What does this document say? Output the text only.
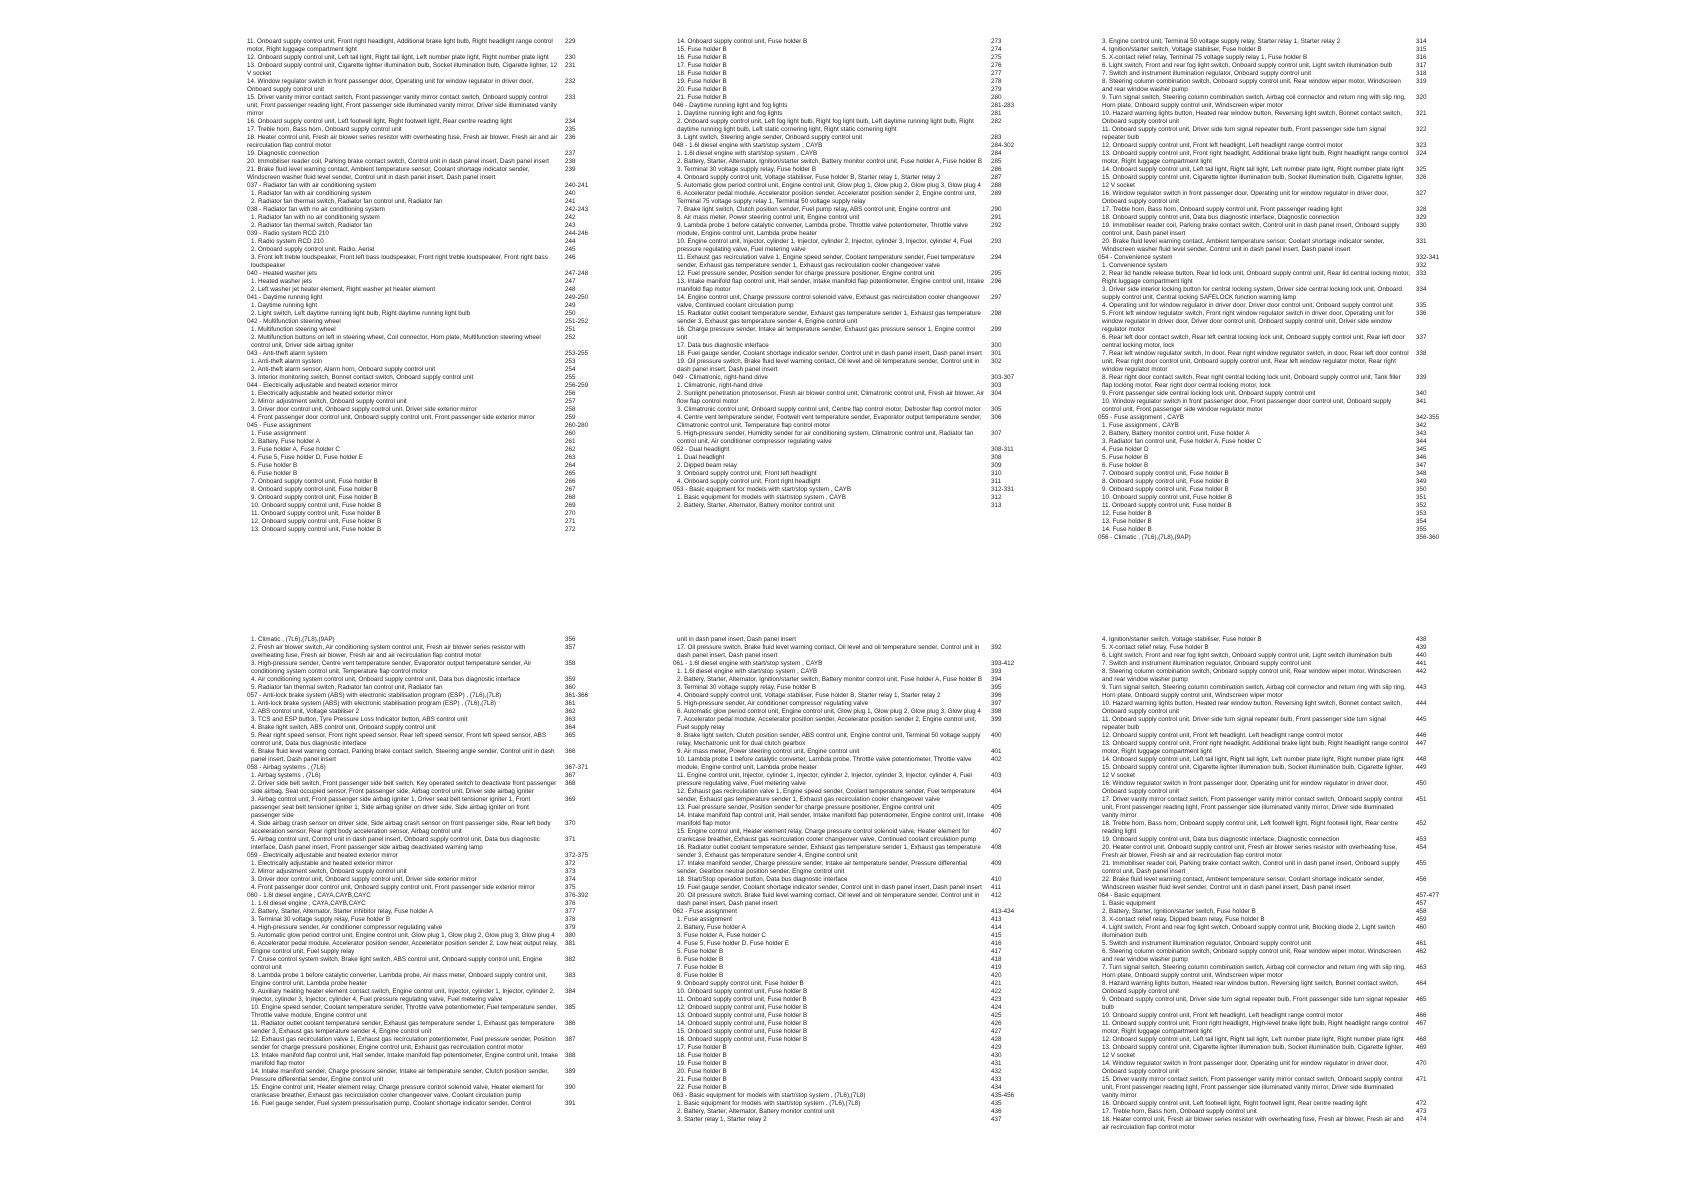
11. Onboard supply control unit, Front right headlight, Additional brake light bulb, Right headlight range control motor, Right luggage compartment light
229
12. Onboard supply control unit, Left tail light, Right tail light, Left number plate light, Right number plate light	230
13. Onboard supply control unit, Cigarette lighter illumination bulb, Socket illumination bulb, Cigarette lighter, 12 V socket
231
14. Window regulator switch in front passenger door, Operating unit for window regulator in driver door, Onboard supply control unit
232
15. Driver vanity mirror contact switch, Front passenger vanity mirror contact switch, Onboard supply control unit, Front passenger reading light, Front passenger side illuminated vanity mirror, Driver side illuminated vanity mirror
233
16. Onboard supply control unit, Left footwell light, Right footwell light, Rear centre reading light	234
17. Treble horn, Bass horn, Onboard supply control unit	235
18. Heater control unit, Fresh air blower series resistor with overheating fuse, Fresh air blower, Fresh air and air recirculation flap control motor
236
19. Diagnostic connection	237
20. Immobiliser reader coil, Parking brake contact switch, Control unit in dash panel insert, Dash panel insert	238
21. Brake fluid level warning contact, Ambient temperature sensor, Coolant shortage indicator sender, Windscreen washer fluid level sender, Control unit in dash panel insert, Dash panel insert
239
037 - Radiator fan with air conditioning system	240-241
1. Radiator fan with air conditioning system	240
2. Radiator fan thermal switch, Radiator fan control unit, Radiator fan	241
038 - Radiator fan with no air conditioning system	242-243
1. Radiator fan with no air conditioning system	242
2. Radiator fan thermal switch, Radiator fan	243
039 - Radio system RCD 210	244-246
1. Radio system RCD 210	244
2. Onboard supply control unit, Radio, Aerial	245
3. Front left treble loudspeaker, Front left bass loudspeaker, Front right treble loudspeaker, Front right bass loudspeaker
246
040 - Heated washer jets	247-248
1. Heated washer jets	247
2. Left washer jet heater element, Right washer jet heater element	248
041 - Daytime running light	249-250
1. Daytime running light	249
2. Light switch, Left daytime running light bulb, Right daytime running light bulb	250
042 - Multifunction steering wheel	251-252
1. Multifunction steering wheel	251
2. Multifunction buttons on left in steering wheel, Coil connector, Horn plate, Multifunction steering wheel control unit, Driver side airbag igniter
252
043 - Anti-theft alarm system	253-255
1. Anti-theft alarm system	253
2. Anti-theft alarm sensor, Alarm horn, Onboard supply control unit	254
3. Interior monitoring switch, Bonnet contact switch, Onboard supply control unit	255
044 - Electrically adjustable and heated exterior mirror	256-259
1. Electrically adjustable and heated exterior mirror	256
2. Mirror adjustment switch, Onboard supply control unit	257
3. Driver door control unit, Onboard supply control unit, Driver side exterior mirror	258
4. Front passenger door control unit, Onboard supply control unit, Front passenger side exterior mirror	259
045 - Fuse assignment	260-280
1. Fuse assignment	260
2. Battery, Fuse holder A	261
3. Fuse holder A, Fuse holder C	262
4. Fuse 5, Fuse holder D, Fuse holder E	263
5. Fuse holder B	264
6. Fuse holder B	265
7. Onboard supply control unit, Fuse holder B	266
8. Onboard supply control unit, Fuse holder B	267
9. Onboard supply control unit, Fuse holder B	268
10. Onboard supply control unit, Fuse holder B	269
11. Onboard supply control unit, Fuse holder B	270
12. Onboard supply control unit, Fuse holder B	271
13. Onboard supply control unit, Fuse holder B	272
14. Onboard supply control unit, Fuse holder B	273
15. Fuse holder B	274
16. Fuse holder B	275
17. Fuse holder B	276
18. Fuse holder B	277
19. Fuse holder B	278
20. Fuse holder B	279
21. Fuse holder B	280
046 - Daytime running light and fog lights	281-283
1. Daytime running light and fog lights	281
2. Onboard supply control unit, Left fog light bulb, Right fog light bulb, Left daytime running light bulb, Right daytime running light bulb, Left static cornering light, Right static cornering light
282
3. Light switch, Steering angle sender, Onboard supply control unit	283
048 - 1.6l diesel engine with start/stop system , CAYB	284-302
1. 1.6l diesel engine with start/stop system , CAYB	284
2. Battery, Starter, Alternator, Ignition/starter switch, Battery monitor control unit, Fuse holder A, Fuse holder B	285
3. Terminal 30 voltage supply relay, Fuse holder B	286
4. Onboard supply control unit, Voltage stabiliser, Fuse holder B, Starter relay 1, Starter relay 2	287
5. Automatic glow period control unit, Engine control unit, Glow plug 1, Glow plug 2, Glow plug 3, Glow plug 4	288
6. Accelerator pedal module, Accelerator position sender, Accelerator position sender 2, Engine control unit, Terminal 75 voltage supply relay 1, Terminal 50 voltage supply relay
289
7. Brake light switch, Clutch position sender, Fuel pump relay, ABS control unit, Engine control unit	290
8. Air mass meter, Power steering control unit, Engine control unit	291
9. Lambda probe 1 before catalytic converter, Lambda probe, Throttle valve potentiometer, Throttle valve module, Engine control unit, Lambda probe heater
292
10. Engine control unit, Injector, cylinder 1, Injector, cylinder 2, Injector, cylinder 3, Injector, cylinder 4, Fuel pressure regulating valve, Fuel metering valve
293
11. Exhaust gas recirculation valve 1, Engine speed sender, Coolant temperature sender, Fuel temperature sender, Exhaust gas temperature sender 1, Exhaust gas recirculation cooler changeover valve
294
12. Fuel pressure sender, Position sender for charge pressure positioner, Engine control unit	295
13. Intake manifold flap control unit, Hall sender, Intake manifold flap potentiometer, Engine control unit, Intake manifold flap motor
296
14. Engine control unit, Charge pressure control solenoid valve, Exhaust gas recirculation cooler changeover valve, Continued coolant circulation pump
297
15. Radiator outlet coolant temperature sender, Exhaust gas temperature sender 1, Exhaust gas temperature sender 3, Exhaust gas temperature sender 4, Engine control unit
298
16. Charge pressure sender, Intake air temperature sender, Exhaust gas pressure sensor 1, Engine control unit
299
17. Data bus diagnostic interface	300
18. Fuel gauge sender, Coolant shortage indicator sender, Control unit in dash panel insert, Dash panel insert	301
19. Oil pressure switch, Brake fluid level warning contact, Oil level and oil temperature sender, Control unit in dash panel insert, Dash panel insert
302
049 - Climatronic, right-hand drive	303-307
1. Climatronic, right-hand drive	303
2. Sunlight penetration photosensor, Fresh air blower control unit, Climatronic control unit, Fresh air blower, Air flow flap control motor
304
3. Climatronic control unit, Onboard supply control unit, Centre flap control motor, Defroster flap control motor	305
4. Centre vent temperature sender, Footwell vent temperature sender, Evaporator output temperature sender, Climatronic control unit, Temperature flap control motor
306
5. High-pressure sender, Humidity sender for air conditioning system, Climatronic control unit, Radiator fan control unit, Air conditioner compressor regulating valve
307
052 - Dual headlight	308-311
1. Dual headlight	308
2. Dipped beam relay	309
3. Onboard supply control unit, Front left headlight	310
4. Onboard supply control unit, Front right headlight	311
053 - Basic equipment for models with start/stop system , CAYB	312-331
1. Basic equipment for models with start/stop system , CAYB	312
2. Battery, Starter, Alternator, Battery monitor control unit	313
3. Engine control unit, Terminal 50 voltage supply relay, Starter relay 1, Starter relay 2	314
4. Ignition/starter switch, Voltage stabiliser, Fuse holder B	315
5. X-contact relief relay, Terminal 75 voltage supply relay 1, Fuse holder B	316
6. Light switch, Front and rear fog light switch, Onboard supply control unit, Light switch illumination bulb	317
7. Switch and instrument illumination regulator, Onboard supply control unit	318
8. Steering column combination switch, Onboard supply control unit, Rear window wiper motor, Windscreen and rear window washer pump
319
9. Turn signal switch, Steering column combination switch, Airbag coil connector and return ring with slip ring, Horn plate, Onboard supply control unit, Windscreen wiper motor
320
10. Hazard warning lights button, Heated rear window button, Reversing light switch, Bonnet contact switch, Onboard supply control unit
321
11. Onboard supply control unit, Driver side turn signal repeater bulb, Front passenger side turn signal repeater bulb
322
12. Onboard supply control unit, Front left headlight, Left headlight range control motor	323
13. Onboard supply control unit, Front right headlight, Additional brake light bulb, Right headlight range control motor, Right luggage compartment light
324
14. Onboard supply control unit, Left tail light, Right tail light, Left number plate light, Right number plate light	325
15. Onboard supply control unit, Cigarette lighter illumination bulb, Socket illumination bulb, Cigarette lighter, 12 V socket
326
16. Window regulator switch in front passenger door, Operating unit for window regulator in driver door, Onboard supply control unit
327
17. Treble horn, Bass horn, Onboard supply control unit, Front passenger reading light	328
18. Onboard supply control unit, Data bus diagnostic interface, Diagnostic connection	329
19. Immobiliser reader coil, Parking brake contact switch, Control unit in dash panel insert, Onboard supply control unit, Dash panel insert
330
20. Brake fluid level warning contact, Ambient temperature sensor, Coolant shortage indicator sender, Windscreen washer fluid level sender, Control unit in dash panel insert, Dash panel insert
331
054 - Convenience system	332-341
1. Convenience system	332
2. Rear lid handle release button, Rear lid lock unit, Onboard supply control unit, Rear lid central locking motor, Right luggage compartment light
333
3. Driver side interior locking button for central locking system, Driver side central locking lock unit, Onboard supply control unit, Central locking SAFELOCK function warning lamp
334
4. Operating unit for window regulator in driver door, Driver door control unit, Onboard supply control unit	335
5. Front left window regulator switch, Front right window regulator switch in driver door, Operating unit for window regulator in driver door, Driver door control unit, Onboard supply control unit, Driver side window regulator motor
336
6. Rear left door contact switch, Rear left central locking lock unit, Onboard supply control unit, Rear left door central locking motor, lock
337
7. Rear left window regulator switch, In door, Rear right window regulator switch, in door, Rear left door control unit, Rear right door control unit, Onboard supply control unit, Rear left window regulator motor, Rear right window regulator motor
338
8. Rear right door contact switch, Rear right central locking lock unit, Onboard supply control unit, Tank filler flap locking motor, Rear right door central locking motor, lock
339
9. Front passenger side central locking lock unit, Onboard supply control unit	340
10. Window regulator switch in front passenger door, Front passenger door control unit, Onboard supply control unit, Front passenger side window regulator motor
341
055 - Fuse assignment , CAYB	342-355
1. Fuse assignment , CAYB	342
2. Battery, Battery monitor control unit, Fuse holder A	343
3. Radiator fan control unit, Fuse holder A, Fuse holder C	344
4. Fuse holder D	345
5. Fuse holder B	346
6. Fuse holder B	347
7. Onboard supply control unit, Fuse holder B	348
8. Onboard supply control unit, Fuse holder B	349
9. Onboard supply control unit, Fuse holder B	350
10. Onboard supply control unit, Fuse holder B	351
11. Onboard supply control unit, Fuse holder B	352
12. Fuse holder B	353
13. Fuse holder B	354
14. Fuse holder B	355
056 - Climatic , (7L6),(7L8),(9AP)	356-360
1. Climatic , (7L6),(7L8),(9AP)	356
2. Fresh air blower switch, Air conditioning system control unit, Fresh air blower series resistor with overheating fuse, Fresh air blower, Fresh air and air recirculation flap control motor
357
3. High-pressure sender, Centre vent temperature sender, Evaporator output temperature sender, Air conditioning system control unit, Temperature flap control motor
358
4. Air conditioning system control unit, Onboard supply control unit, Data bus diagnostic interface	359
5. Radiator fan thermal switch, Radiator fan control unit, Radiator fan	360
057 - Anti-lock brake system (ABS) with electronic stabilisation program (ESP) , (7L6),(7L8)	361-366
1. Anti-lock brake system (ABS) with electronic stabilisation program (ESP) , (7L6),(7L8)	361
2. ABS control unit, Voltage stabiliser 2	362
3. TCS and ESP button, Tyre Pressure Loss Indicator button, ABS control unit	363
4. Brake light switch, ABS control unit, Onboard supply control unit	364
5. Rear right speed sensor, Front right speed sensor, Rear left speed sensor, Front left speed sensor, ABS control unit, Data bus diagnostic interface
365
6. Brake fluid level warning contact, Parking brake contact switch, Steering angle sender, Control unit in dash panel insert, Dash panel insert
366
058 - Airbag systems , (7L6)	367-371
1. Airbag systems , (7L6)	367
2. Driver side belt switch, Front passenger side belt switch, Key operated switch to deactivate front passenger side airbag, Seat occupied sensor, Front passenger side, Airbag control unit, Driver side airbag igniter
368
3. Airbag control unit, Front passenger side airbag igniter 1, Driver seat belt tensioner igniter 1, Front passenger seat belt tensioner igniter 1, Side airbag igniter on driver side, Side airbag igniter on front passenger side
369
4. Side airbag crash sensor on driver side, Side airbag crash sensor on front passenger side, Rear left body acceleration sensor, Rear right body acceleration sensor, Airbag control unit
370
5. Airbag control unit, Control unit in dash panel insert, Onboard supply control unit, Data bus diagnostic interface, Dash panel insert, Front passenger side airbag deactivated warning lamp
371
059 - Electrically adjustable and heated exterior mirror	372-375
1. Electrically adjustable and heated exterior mirror	372
2. Mirror adjustment switch, Onboard supply control unit	373
3. Driver door control unit, Onboard supply control unit, Driver side exterior mirror	374
4. Front passenger door control unit, Onboard supply control unit, Front passenger side exterior mirror	375
060 - 1.6l diesel engine , CAYA,CAYB,CAYC	376-392
1. 1.6l diesel engine , CAYA,CAYB,CAYC	376
2. Battery, Starter, Alternator, Starter inhibitor relay, Fuse holder A	377
3. Terminal 30 voltage supply relay, Fuse holder B	378
4. High-pressure sender, Air conditioner compressor regulating valve	379
5. Automatic glow period control unit, Engine control unit, Glow plug 1, Glow plug 2, Glow plug 3, Glow plug 4	380
6. Accelerator pedal module, Accelerator position sender, Accelerator position sender 2, Low heat output relay, Engine control unit, Fuel supply relay
381
7. Cruise control system switch, Brake light switch, ABS control unit, Onboard supply control unit, Engine control unit
382
8. Lambda probe 1 before catalytic converter, Lambda probe, Air mass meter, Onboard supply control unit, Engine control unit, Lambda probe heater
383
9. Auxiliary heating heater element contact switch, Engine control unit, Injector, cylinder 1, Injector, cylinder 2, Injector, cylinder 3, Injector, cylinder 4, Fuel pressure regulating valve, Fuel metering valve
384
10. Engine speed sender, Coolant temperature sender, Throttle valve potentiometer, Fuel temperature sender, Throttle valve module, Engine control unit
385
11. Radiator outlet coolant temperature sender, Exhaust gas temperature sender 1, Exhaust gas temperature sender 3, Exhaust gas temperature sender 4, Engine control unit
386
12. Exhaust gas recirculation valve 1, Exhaust gas recirculation potentiometer, Fuel pressure sender, Position sender for charge pressure positioner, Engine control unit, Exhaust gas recirculation control motor
387
13. Intake manifold flap control unit, Hall sender, Intake manifold flap potentiometer, Engine control unit, Intake manifold flap motor
388
14. Intake manifold sender, Charge pressure sender, Intake air temperature sender, Clutch position sender, Pressure differential sender, Engine control unit
389
15. Engine control unit, Heater element relay, Charge pressure control solenoid valve, Heater element for crankcase breather, Exhaust gas recirculation cooler changeover valve, Coolant circulation pump
390
16. Fuel gauge sender, Fuel system pressurisation pump, Coolant shortage indicator sender, Control	391
unit in dash panel insert, Dash panel insert
17. Oil pressure switch, Brake fluid level warning contact, Oil level and oil temperature sender, Control unit in dash panel insert, Dash panel insert
392
061 - 1.6l diesel engine with start/stop system , CAYB	393-412
1. 1.6l diesel engine with start/stop system , CAYB	393
2. Battery, Starter, Alternator, Ignition/starter switch, Battery monitor control unit, Fuse holder A, Fuse holder B	394
3. Terminal 30 voltage supply relay, Fuse holder B	395
4. Onboard supply control unit, Voltage stabiliser, Fuse holder B, Starter relay 1, Starter relay 2	396
5. High-pressure sender, Air conditioner compressor regulating valve	397
6. Automatic glow period control unit, Engine control unit, Glow plug 1, Glow plug 2, Glow plug 3, Glow plug 4	398
7. Accelerator pedal module, Accelerator position sender, Accelerator position sender 2, Engine control unit, Fuel supply relay
399
8. Brake light switch, Clutch position sender, ABS control unit, Engine control unit, Terminal 50 voltage supply relay, Mechatronic unit for dual clutch gearbox
400
9. Air mass meter, Power steering control unit, Engine control unit	401
10. Lambda probe 1 before catalytic converter, Lambda probe, Throttle valve potentiometer, Throttle valve module, Engine control unit, Lambda probe heater
402
11. Engine control unit, Injector, cylinder 1, Injector, cylinder 2, Injector, cylinder 3, Injector, cylinder 4, Fuel pressure regulating valve, Fuel metering valve
403
12. Exhaust gas recirculation valve 1, Engine speed sender, Coolant temperature sender, Fuel temperature sender, Exhaust gas temperature sender 1, Exhaust gas recirculation cooler changeover valve
404
13. Fuel pressure sender, Position sender for charge pressure positioner, Engine control unit	405
14. Intake manifold flap control unit, Hall sender, Intake manifold flap potentiometer, Engine control unit, Intake manifold flap motor
406
15. Engine control unit, Heater element relay, Charge pressure control solenoid valve, Heater element for crankcase breather, Exhaust gas recirculation cooler changeover valve, Continued coolant circulation pump
407
16. Radiator outlet coolant temperature sender, Exhaust gas temperature sender 1, Exhaust gas temperature sender 3, Exhaust gas temperature sender 4, Engine control unit
408
17. Intake manifold sender, Charge pressure sender, Intake air temperature sender, Pressure differential sender, Gearbox neutral position sender, Engine control unit
409
18. Start/Stop operation button, Data bus diagnostic interface	410
19. Fuel gauge sender, Coolant shortage indicator sender, Control unit in dash panel insert, Dash panel insert	411
20. Oil pressure switch, Brake fluid level warning contact, Oil level and oil temperature sender, Control unit in dash panel insert, Dash panel insert
412
062 - Fuse assignment	413-434
1. Fuse assignment	413
2. Battery, Fuse holder A	414
3. Fuse holder A, Fuse holder C	415
4. Fuse 5, Fuse holder D, Fuse holder E	416
5. Fuse holder B	417
6. Fuse holder B	418
7. Fuse holder B	419
8. Fuse holder B	420
9. Onboard supply control unit, Fuse holder B	421
10. Onboard supply control unit, Fuse holder B	422
11. Onboard supply control unit, Fuse holder B	423
12. Onboard supply control unit, Fuse holder B	424
13. Onboard supply control unit, Fuse holder B	425
14. Onboard supply control unit, Fuse holder B	426
15. Onboard supply control unit, Fuse holder B	427
16. Onboard supply control unit, Fuse holder B	428
17. Fuse holder B	429
18. Fuse holder B	430
19. Fuse holder B	431
20. Fuse holder B	432
21. Fuse holder B	433
22. Fuse holder B	434
063 - Basic equipment for models with start/stop system , (7L6),(7L8)	435-456
1. Basic equipment for models with start/stop system , (7L6),(7L8)	435
2. Battery, Starter, Alternator, Battery monitor control unit	436
3. Starter relay 1, Starter relay 2	437
4. Ignition/starter switch, Voltage stabiliser, Fuse holder B	438
5. X-contact relief relay, Fuse holder B	439
6. Light switch, Front and rear fog light switch, Onboard supply control unit, Light switch illumination bulb	440
7. Switch and instrument illumination regulator, Onboard supply control unit	441
8. Steering column combination switch, Onboard supply control unit, Rear window wiper motor, Windscreen and rear window washer pump
442
9. Turn signal switch, Steering column combination switch, Airbag coil connector and return ring with slip ring, Horn plate, Onboard supply control unit, Windscreen wiper motor
443
10. Hazard warning lights button, Heated rear window button, Reversing light switch, Bonnet contact switch, Onboard supply control unit
444
11. Onboard supply control unit, Driver side turn signal repeater bulb, Front passenger side turn signal repeater bulb
445
12. Onboard supply control unit, Front left headlight, Left headlight range control motor	446
13. Onboard supply control unit, Front right headlight, Additional brake light bulb, Right headlight range control motor, Right luggage compartment light
447
14. Onboard supply control unit, Left tail light, Right tail light, Left number plate light, Right number plate light	448
15. Onboard supply control unit, Cigarette lighter illumination bulb, Socket illumination bulb, Cigarette lighter, 12 V socket
449
16. Window regulator switch in front passenger door, Operating unit for window regulator in driver door, Onboard supply control unit
450
17. Driver vanity mirror contact switch, Front passenger vanity mirror contact switch, Onboard supply control unit, Front passenger reading light, Front passenger side illuminated vanity mirror, Driver side illuminated vanity mirror
451
18. Treble horn, Bass horn, Onboard supply control unit, Left footwell light, Right footwell light, Rear centre reading light
452
19. Onboard supply control unit, Data bus diagnostic interface, Diagnostic connection	453
20. Heater control unit, Onboard supply control unit, Fresh air blower series resistor with overheating fuse, Fresh air blower, Fresh air and air recirculation flap control motor
454
21. Immobiliser reader coil, Parking brake contact switch, Control unit in dash panel insert, Onboard supply control unit, Dash panel insert
455
22. Brake fluid level warning contact, Ambient temperature sensor, Coolant shortage indicator sender, Windscreen washer fluid level sender, Control unit in dash panel insert, Dash panel insert
456
064 - Basic equipment	457-477
1. Basic equipment	457
2. Battery, Starter, Ignition/starter switch, Fuse holder B	458
3. X-contact relief relay, Dipped beam relay, Fuse holder B	459
4. Light switch, Front and rear fog light switch, Onboard supply control unit, Blocking diode 2, Light switch illumination bulb
460
5. Switch and instrument illumination regulator, Onboard supply control unit	461
6. Steering column combination switch, Onboard supply control unit, Rear window wiper motor, Windscreen and rear window washer pump
462
7. Turn signal switch, Steering column combination switch, Airbag coil connector and return ring with slip ring, Horn plate, Onboard supply control unit, Windscreen wiper motor
463
8. Hazard warning lights button, Heated rear window button, Reversing light switch, Bonnet contact switch, Onboard supply control unit
464
9. Onboard supply control unit, Driver side turn signal repeater bulb, Front passenger side turn signal repeater bulb
465
10. Onboard supply control unit, Front left headlight, Left headlight range control motor	466
11. Onboard supply control unit, Front right headlight, High-level brake light bulb, Right headlight range control motor, Right luggage compartment light
467
12. Onboard supply control unit, Left tail light, Right tail light, Left number plate light, Right number plate light	468
13. Onboard supply control unit, Cigarette lighter illumination bulb, Socket illumination bulb, Cigarette lighter, 12 V socket
469
14. Window regulator switch in front passenger door, Operating unit for window regulator in driver door, Onboard supply control unit
470
15. Driver vanity mirror contact switch, Front passenger vanity mirror contact switch, Onboard supply control unit, Front passenger reading light, Front passenger side illuminated vanity mirror, Driver side illuminated vanity mirror
471
16. Onboard supply control unit, Left footwell light, Right footwell light, Rear centre reading light	472
17. Treble horn, Bass horn, Onboard supply control unit	473
18. Heater control unit, Fresh air blower series resistor with overheating fuse, Fresh air blower, Fresh air and air recirculation flap control motor
474
